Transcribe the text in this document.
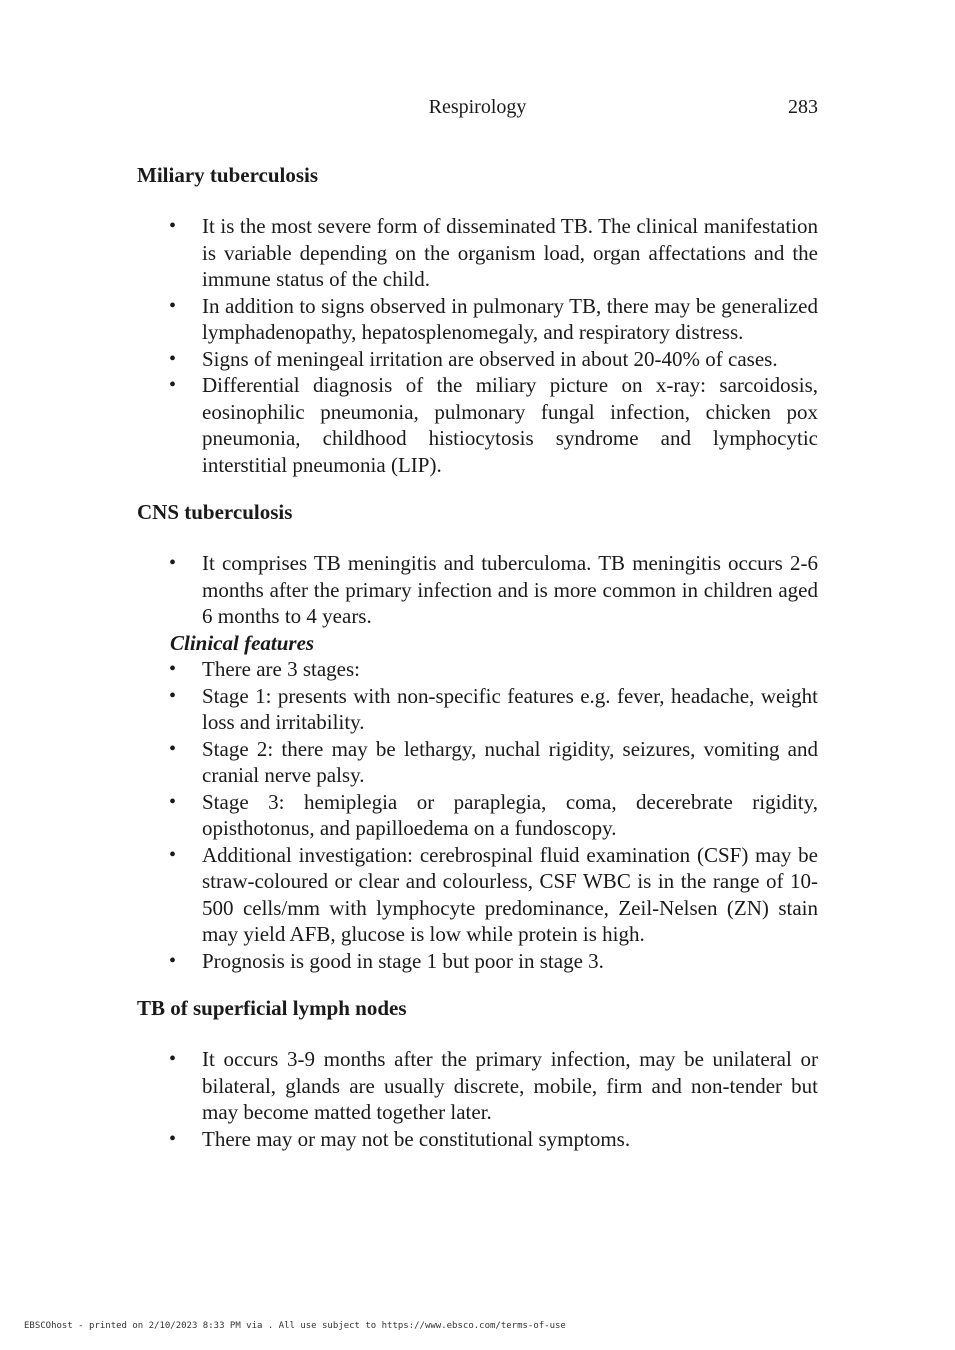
Respirology	283
Miliary tuberculosis
• It is the most severe form of disseminated TB. The clinical manifestation is variable depending on the organism load, organ affectations and the immune status of the child.
• In addition to signs observed in pulmonary TB, there may be generalized lymphadenopathy, hepatosplenomegaly, and respiratory distress.
• Signs of meningeal irritation are observed in about 20-40% of cases.
• Differential diagnosis of the miliary picture on x-ray: sarcoidosis, eosinophilic pneumonia, pulmonary fungal infection, chicken pox pneumonia, childhood histiocytosis syndrome and lymphocytic interstitial pneumonia (LIP).
CNS tuberculosis
• It comprises TB meningitis and tuberculoma. TB meningitis occurs 2-6 months after the primary infection and is more common in children aged 6 months to 4 years.
Clinical features
• There are 3 stages:
• Stage 1: presents with non-specific features e.g. fever, headache, weight loss and irritability.
• Stage 2: there may be lethargy, nuchal rigidity, seizures, vomiting and cranial nerve palsy.
• Stage 3: hemiplegia or paraplegia, coma, decerebrate rigidity, opisthotonus, and papilloedema on a fundoscopy.
• Additional investigation: cerebrospinal fluid examination (CSF) may be straw-coloured or clear and colourless, CSF WBC is in the range of 10-500 cells/mm with lymphocyte predominance, Zeil-Nelsen (ZN) stain may yield AFB, glucose is low while protein is high.
• Prognosis is good in stage 1 but poor in stage 3.
TB of superficial lymph nodes
• It occurs 3-9 months after the primary infection, may be unilateral or bilateral, glands are usually discrete, mobile, firm and non-tender but may become matted together later.
• There may or may not be constitutional symptoms.
EBSCOhost - printed on 2/10/2023 8:33 PM via . All use subject to https://www.ebsco.com/terms-of-use
